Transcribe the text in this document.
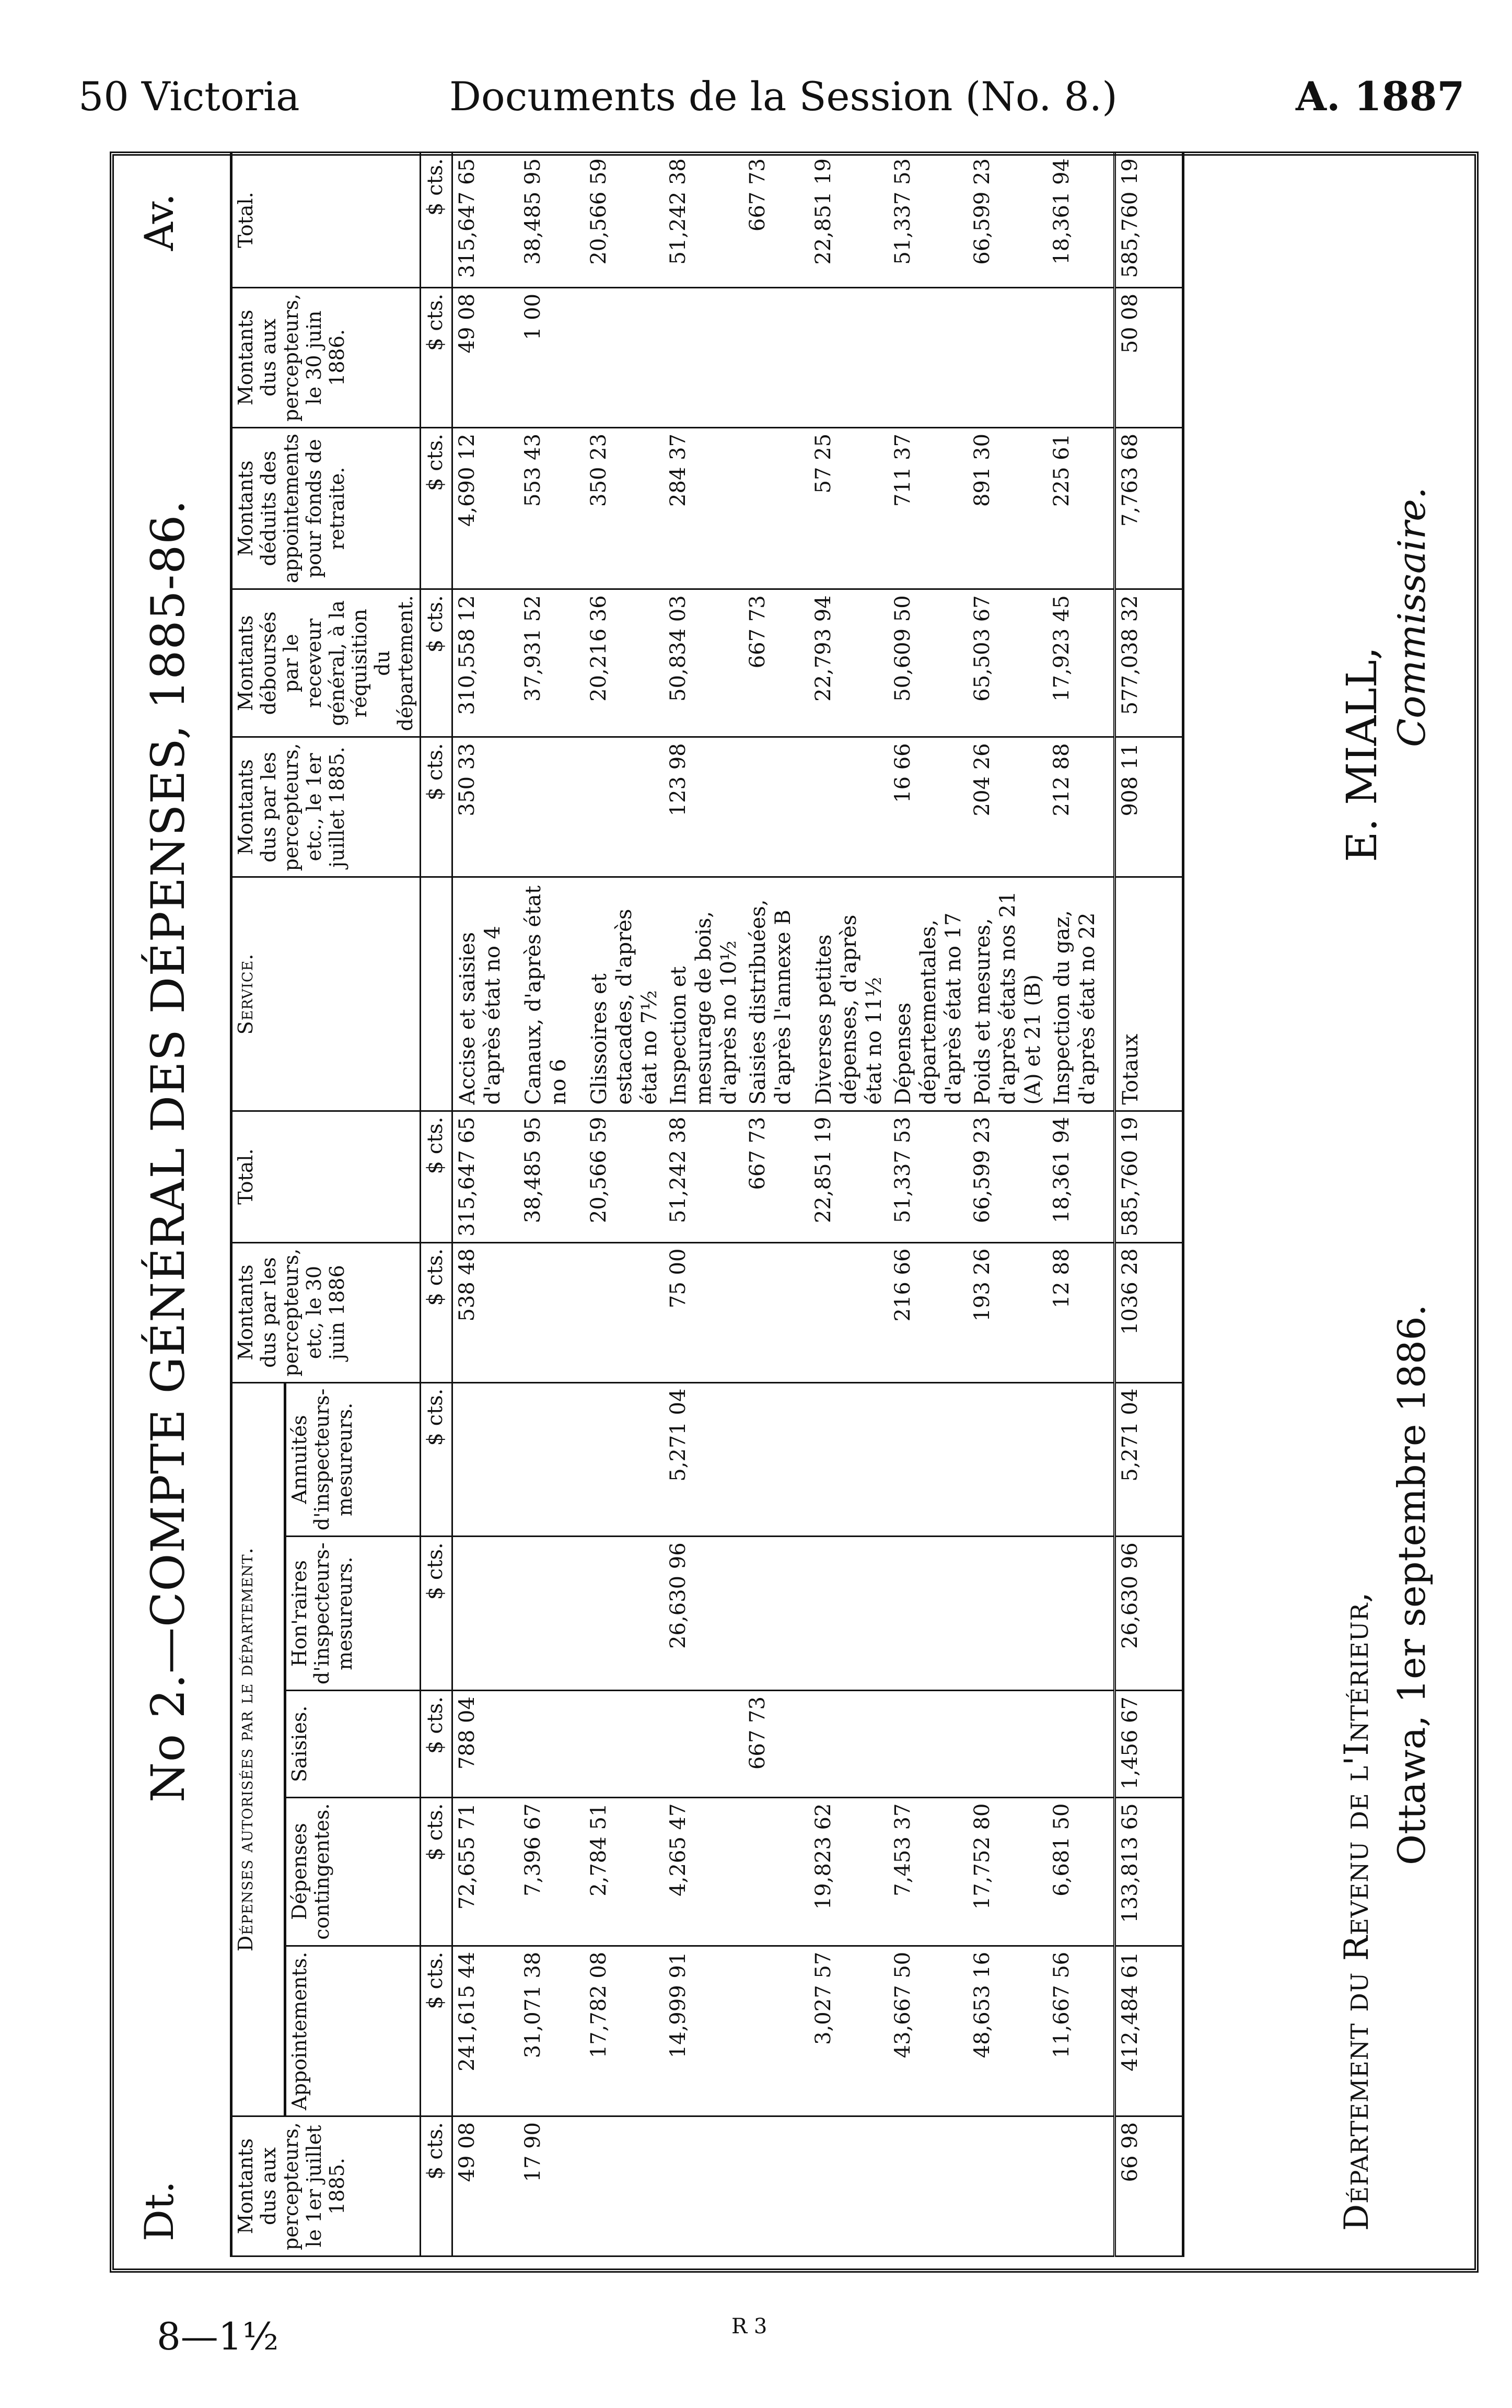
50 Victoria	Documents de la Session (No. 8.)	A. 1887
Dt.
No 2.—COMPTE GÉNÉRAL DES DÉPENSES, 1885-86.
Av.
Montants dus aux percepteurs, le 1er juillet 1885.	Dépenses autorisées par le département.					Montants dus par les percepteurs, etc, le 30 juin 1886	Total.	Service.	Montants dus par les percepteurs, etc., le 1er juillet 1885.	Montants déboursés par le receveur général, à la réquisition du département.	Montants déduits des appointements pour fonds de retraite.	Montants dus aux percepteurs, le 30 juin 1886.	Total.
	Appointements.	Dépenses contingentes.	Saisies.	Hon'raires d'inspecteurs-mesureurs.	Annuités d'inspecteurs-mesureurs.								
$ cts.	$ cts.	$ cts.	$ cts.	$ cts.	$ cts.	$ cts.	$ cts.		$ cts.	$ cts.	$ cts.	$ cts.	$ cts.
49 08	241,615 44	72,655 71	788 04			538 48	315,647 65	Accise et saisies d'après état no 4	350 33	310,558 12	4,690 12	49 08	315,647 65
17 90	31,071 38	7,396 67					38,485 95	Canaux, d'après état no 6		37,931 52	553 43	1 00	38,485 95
	17,782 08	2,784 51					20,566 59	Glissoires et estacades, d'après état no 7½		20,216 36	350 23		20,566 59
	14,999 91	4,265 47		26,630 96	5,271 04	75 00	51,242 38	Inspection et mesurage de bois, d'après no 10½	123 98	50,834 03	284 37		51,242 38
			667 73				667 73	Saisies distribuées, d'après l'annexe B		667 73			667 73
	3,027 57	19,823 62					22,851 19	Diverses petites dépenses, d'après état no 11½		22,793 94	57 25		22,851 19
	43,667 50	7,453 37				216 66	51,337 53	Dépenses départementales, d'après état no 17	16 66	50,609 50	711 37		51,337 53
	48,653 16	17,752 80				193 26	66,599 23	Poids et mesures, d'après états nos 21 (A) et 21 (B)	204 26	65,503 67	891 30		66,599 23
	11,667 56	6,681 50				12 88	18,361 94	Inspection du gaz, d'après état no 22	212 88	17,923 45	225 61		18,361 94
66 98	412,484 61	133,813 65	1,456 67	26,630 96	5,271 04	1036 28	585,760 19	Totaux	908 11	577,038 32	7,763 68	50 08	585,760 19
Département du Revenu de l'Intérieur,
Ottawa, 1er septembre 1886.
E. MIALL,
Commissaire.
8—1½	R 3
